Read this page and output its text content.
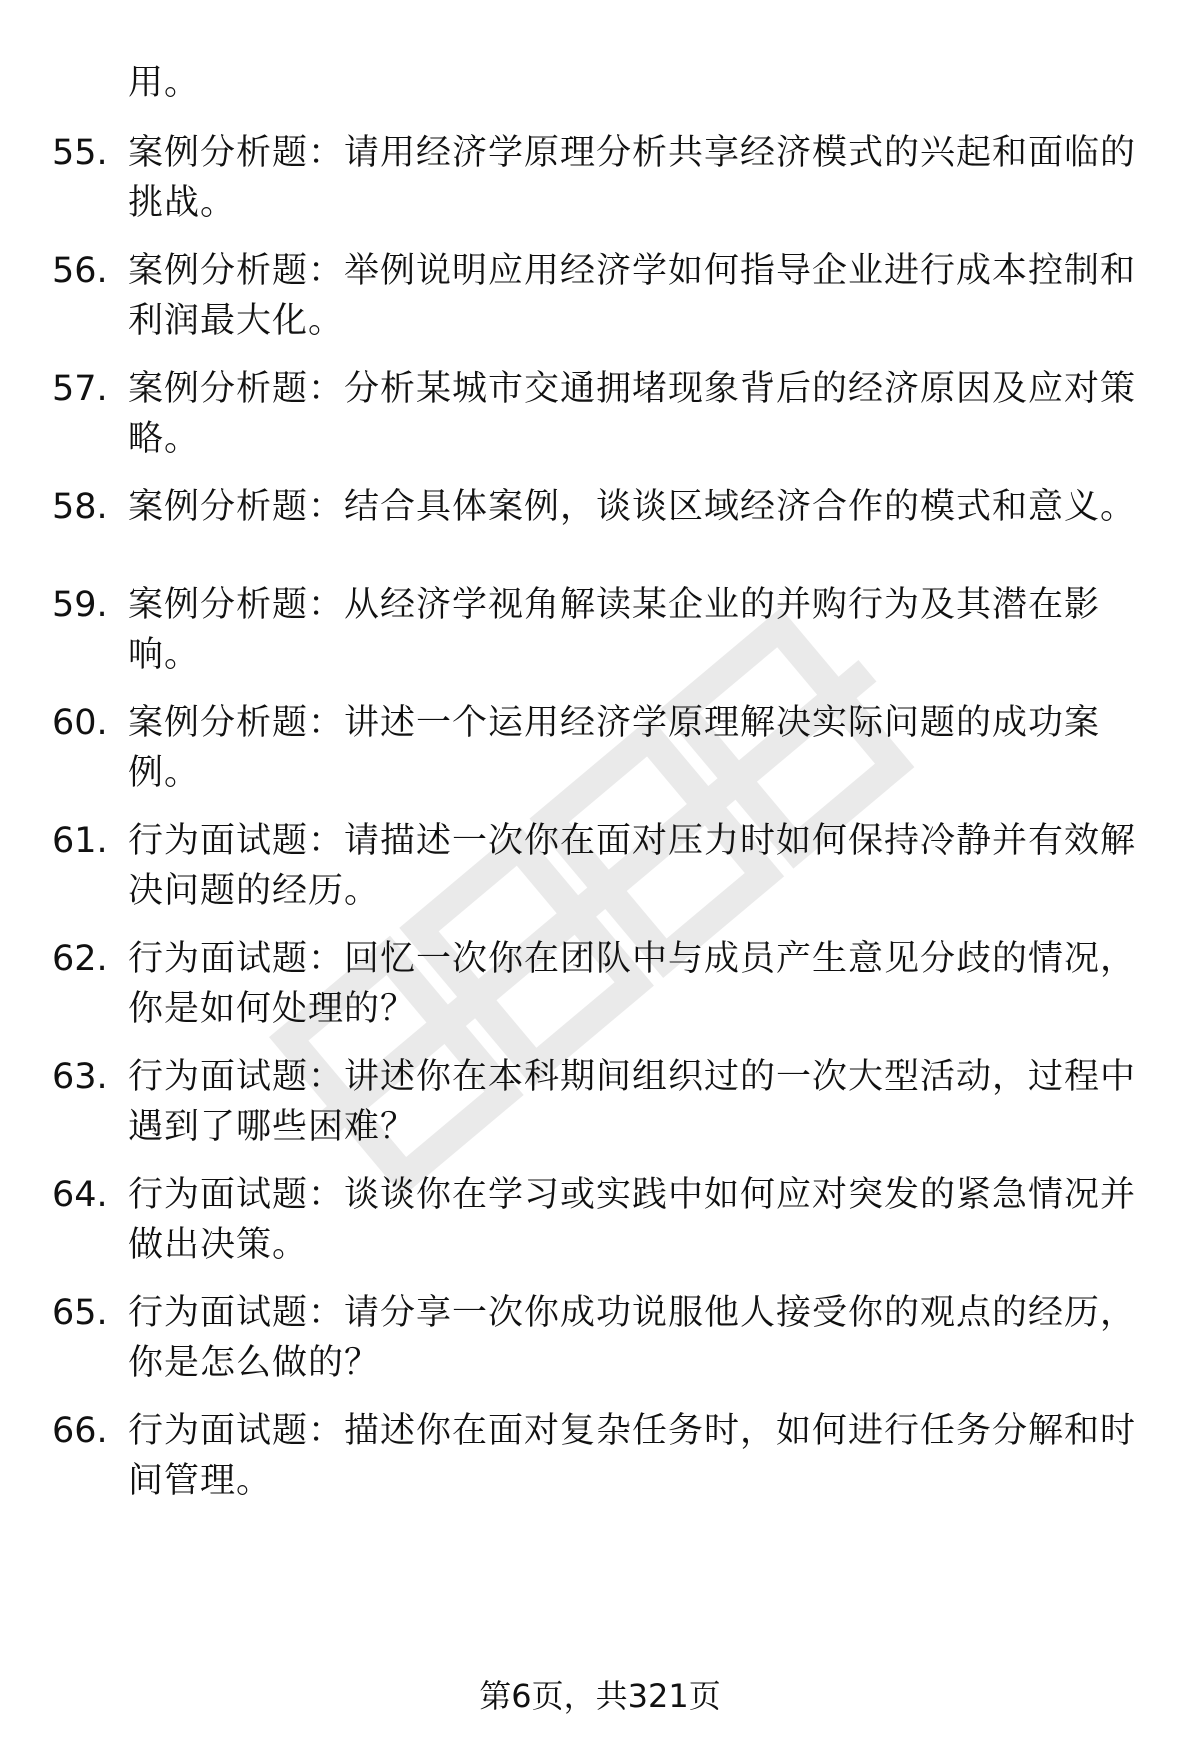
用。
55. 案例分析题：请用经济学原理分析共享经济模式的兴起和面临的
挑战。
56. 案例分析题：举例说明应用经济学如何指导企业进行成本控制和
利润最大化。
57. 案例分析题：分析某城市交通拥堵现象背后的经济原因及应对策
略。
58. 案例分析题：结合具体案例，谈谈区域经济合作的模式和意义。
59. 案例分析题：从经济学视角解读某企业的并购行为及其潜在影
响。
60. 案例分析题：讲述一个运用经济学原理解决实际问题的成功案
例。
61. 行为面试题：请描述一次你在面对压力时如何保持冷静并有效解
决问题的经历。
62. 行为面试题：回忆一次你在团队中与成员产生意见分歧的情况，
你是如何处理的？
63. 行为面试题：讲述你在本科期间组织过的一次大型活动，过程中
遇到了哪些困难？
64. 行为面试题：谈谈你在学习或实践中如何应对突发的紧急情况并
做出决策。
65. 行为面试题：请分享一次你成功说服他人接受你的观点的经历，
你是怎么做的？
66. 行为面试题：描述你在面对复杂任务时，如何进行任务分解和时
间管理。
第6页，共321页
